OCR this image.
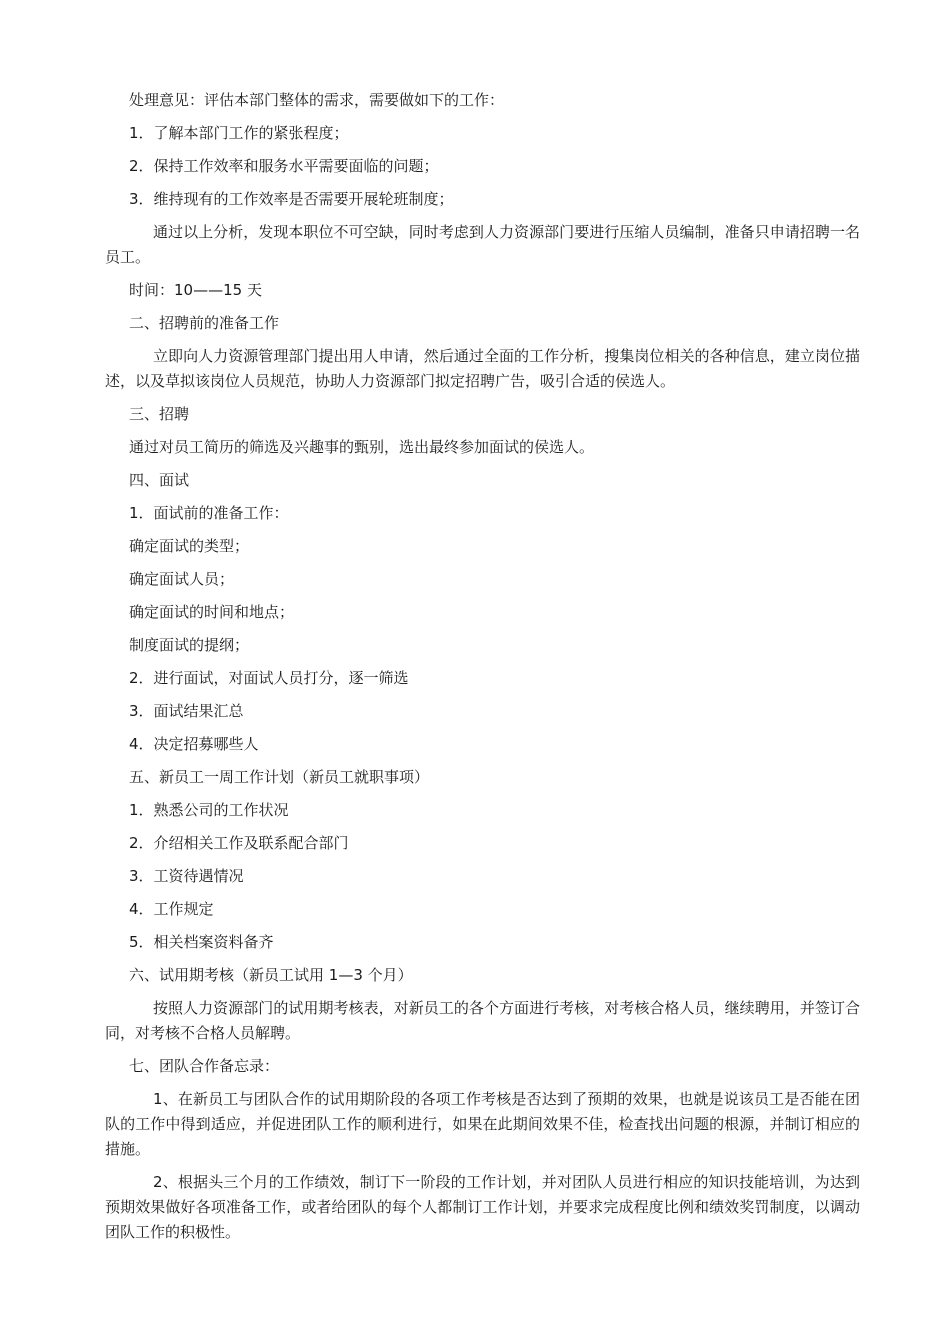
处理意见：评估本部门整体的需求，需要做如下的工作：

1．了解本部门工作的紧张程度；

2．保持工作效率和服务水平需要面临的问题；

3．维持现有的工作效率是否需要开展轮班制度；

通过以上分析，发现本职位不可空缺，同时考虑到人力资源部门要进行压缩人员编制，准备只申请招聘一名员工。

时间：10——15 天

二、招聘前的准备工作

立即向人力资源管理部门提出用人申请，然后通过全面的工作分析，搜集岗位相关的各种信息，建立岗位描述，以及草拟该岗位人员规范，协助人力资源部门拟定招聘广告，吸引合适的侯选人。

三、招聘

通过对员工简历的筛选及兴趣事的甄别，选出最终参加面试的侯选人。

四、面试

1．面试前的准备工作：

确定面试的类型；

确定面试人员；

确定面试的时间和地点；

制度面试的提纲；

2．进行面试，对面试人员打分，逐一筛选

3．面试结果汇总

4．决定招募哪些人

五、新员工一周工作计划（新员工就职事项）

1．熟悉公司的工作状况

2．介绍相关工作及联系配合部门

3．工资待遇情况

4．工作规定

5．相关档案资料备齐

六、试用期考核（新员工试用 1—3 个月）

按照人力资源部门的试用期考核表，对新员工的各个方面进行考核，对考核合格人员，继续聘用，并签订合同，对考核不合格人员解聘。

七、团队合作备忘录：

1、在新员工与团队合作的试用期阶段的各项工作考核是否达到了预期的效果，也就是说该员工是否能在团队的工作中得到适应，并促进团队工作的顺利进行，如果在此期间效果不佳，检查找出问题的根源，并制订相应的措施。

2、根据头三个月的工作绩效，制订下一阶段的工作计划，并对团队人员进行相应的知识技能培训，为达到预期效果做好各项准备工作，或者给团队的每个人都制订工作计划，并要求完成程度比例和绩效奖罚制度，以调动团队工作的积极性。
